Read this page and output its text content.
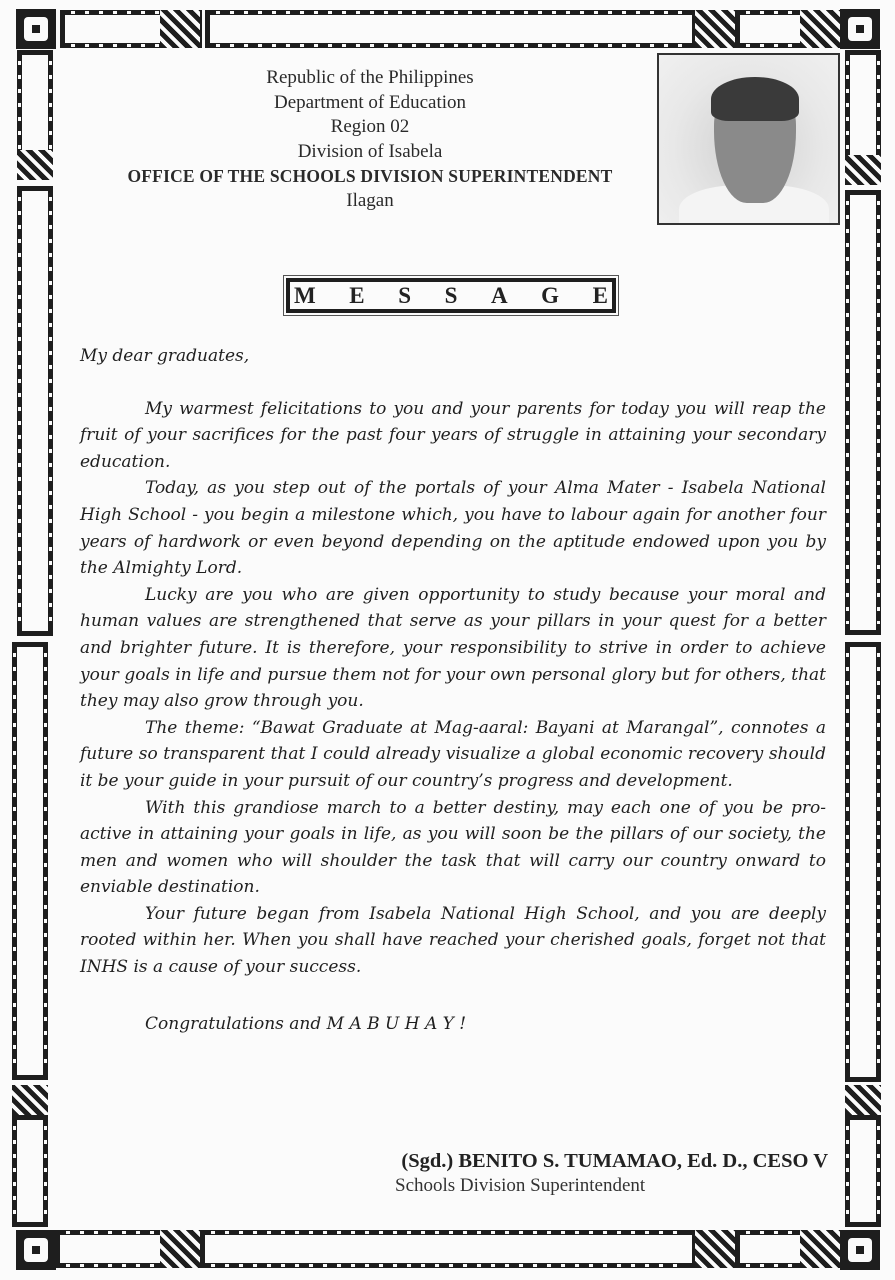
Republic of the Philippines
Department of Education
Region 02
Division of Isabela
OFFICE OF THE SCHOOLS DIVISION SUPERINTENDENT
Ilagan
M E S S A G E

My dear graduates,

My warmest felicitations to you and your parents for today you will reap the fruit of your sacrifices for the past four years of struggle in attaining your secondary education.

Today, as you step out of the portals of your Alma Mater - Isabela National High School - you begin a milestone which, you have to labour again for another four years of hardwork or even beyond depending on the aptitude endowed upon you by the Almighty Lord.

Lucky are you who are given opportunity to study because your moral and human values are strengthened that serve as your pillars in your quest for a better and brighter future. It is therefore, your responsibility to strive in order to achieve your goals in life and pursue them not for your own personal glory but for others, that they may also grow through you.

The theme: “Bawat Graduate at Mag-aaral: Bayani at Marangal”, connotes a future so transparent that I could already visualize a global economic recovery should it be your guide in your pursuit of our country’s progress and development.

With this grandiose march to a better destiny, may each one of you be pro-active in attaining your goals in life, as you will soon be the pillars of our society, the men and women who will shoulder the task that will carry our country onward to enviable destination.

Your future began from Isabela National High School, and you are deeply rooted within her. When you shall have reached your cherished goals, forget not that INHS is a cause of your success.

Congratulations and M A B U H A Y !

(Sgd.) BENITO S. TUMAMAO, Ed. D., CESO V
Schools Division Superintendent
